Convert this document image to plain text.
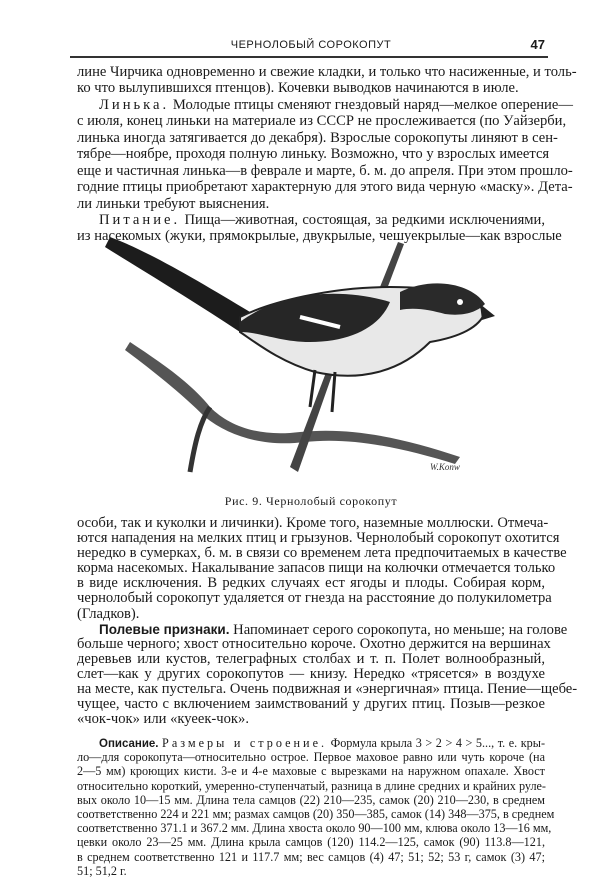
ЧЕРНОЛОБЫЙ СОРОКОПУТ	47
лине Чирчика одновременно и свежие кладки, и только что насиженные, и толь-
ко что вылупившихся птенцов). Кочевки выводков начинаются в июле.
Линька. Молодые птицы сменяют гнездовый наряд—мелкое оперение—
с июля, конец линьки на материале из СССР не прослеживается (по Уайзерби,
линька иногда затягивается до декабря). Взрослые сорокопуты линяют в сен-
тябре—ноябре, проходя полную линьку. Возможно, что у взрослых имеется
еще и частичная линька—в феврале и марте, б. м. до апреля. При этом прошло-
годние птицы приобретают характерную для этого вида черную «маску». Дета-
ли линьки требуют выяснения.
Питание. Пища—животная, состоящая, за редкими исключениями,
из насекомых (жуки, прямокрылые, двукрылые, чешуекрылые—как взрослые
W.Konw
Рис. 9. Чернолобый сорокопут
особи, так и куколки и личинки). Кроме того, наземные моллюски. Отмеча-
ются нападения на мелких птиц и грызунов. Чернолобый сорокопут охотится
нередко в сумерках, б. м. в связи со временем лета предпочитаемых в качестве
корма насекомых. Накалывание запасов пищи на колючки отмечается только
в виде исключения. В редких случаях ест ягоды и плоды. Собирая корм,
чернолобый сорокопут удаляется от гнезда на расстояние до полукилометра
(Гладков).
Полевые признаки. Напоминает серого сорокопута, но меньше; на голове
больше черного; хвост относительно короче. Охотно держится на вершинах
деревьев или кустов, телеграфных столбах и т. п. Полет волнообразный,
слет—как у других сорокопутов — книзу. Нередко «трясется» в воздухе
на месте, как пустельга. Очень подвижная и «энергичная» птица. Пение—щебе-
чущее, часто с включением заимствований у других птиц. Позыв—резкое
«чок-чок» или «куеек-чок».
Описание. Размеры и строение. Формула крыла 3 > 2 > 4 > 5..., т. е. кры-
ло—для сорокопута—относительно острое. Первое маховое равно или чуть короче (на
2—5 мм) кроющих кисти. 3-е и 4-е маховые с вырезками на наружном опахале. Хвост
относительно короткий, умеренно-ступенчатый, разница в длине средних и крайних руле-
вых около 10—15 мм. Длина тела самцов (22) 210—235, самок (20) 210—230, в среднем
соответственно 224 и 221 мм; размах самцов (20) 350—385, самок (14) 348—375, в среднем
соответственно 371.1 и 367.2 мм. Длина хвоста около 90—100 мм, клюва около 13—16 мм,
цевки около 23—25 мм. Длина крыла самцов (120) 114.2—125, самок (90) 113.8—121,
в среднем соответственно 121 и 117.7 мм; вес самцов (4) 47; 51; 52; 53 г, самок (3) 47;
51; 51,2 г.
